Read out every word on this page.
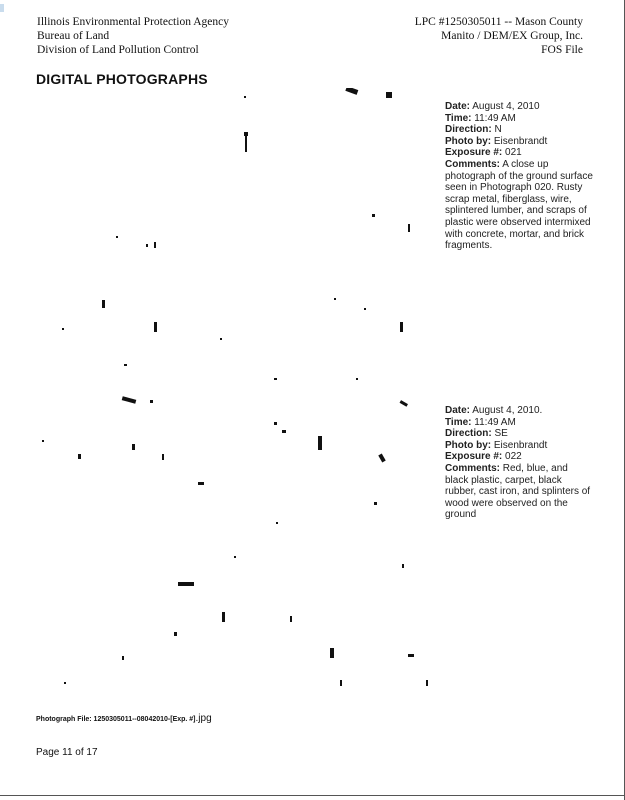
Illinois Environmental Protection Agency
Bureau of Land
Division of Land Pollution Control
LPC #1250305011 -- Mason County
Manito / DEM/EX Group, Inc.
FOS File
DIGITAL PHOTOGRAPHS
Date: August 4, 2010
Time: 11:49 AM
Direction: N
Photo by: Eisenbrandt
Exposure #: 021
Comments: A close up photograph of the ground surface seen in Photograph 020. Rusty scrap metal, fiberglass, wire, splintered lumber, and scraps of plastic were observed intermixed with concrete, mortar, and brick fragments.
Date: August 4, 2010.
Time: 11:49 AM
Direction: SE
Photo by: Eisenbrandt
Exposure #: 022
Comments: Red, blue, and black plastic, carpet, black rubber, cast iron, and splinters of wood were observed on the ground
Photograph File: 1250305011--08042010-[Exp. #].jpg
Page 11 of 17
